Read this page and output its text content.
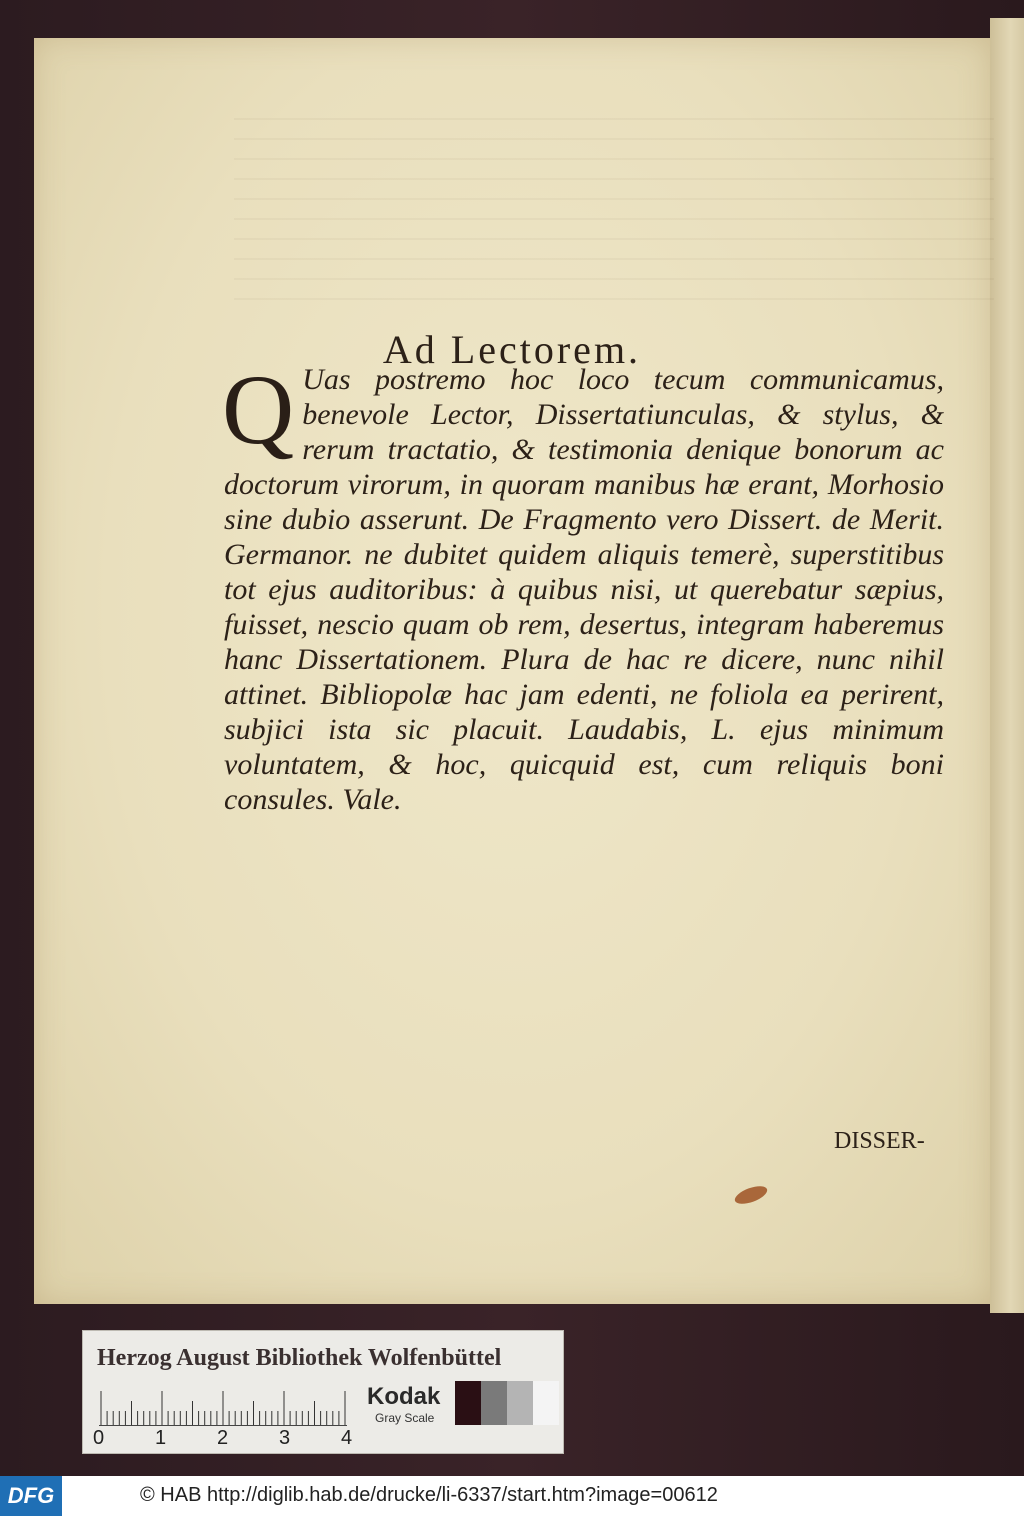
Ad Lectorem.

Q Uas postremo hoc loco tecum communicamus, benevole Lector, Dissertatiunculas, & stylus, & rerum tractatio, & testimonia denique bonorum ac doctorum virorum, in quoram manibus hæ erant, Morhosio sine dubio asserunt. De Fragmento vero Dissert. de Merit. Germanor. ne dubitet quidem aliquis temerè, superstitibus tot ejus auditoribus: à quibus nisi, ut querebatur sæpius, fuisset, nescio quam ob rem, desertus, integram haberemus hanc Dissertationem. Plura de hac re dicere, nunc nihil attinet. Bibliopolæ hac jam edenti, ne foliola ea perirent, subjici ista sic placuit. Laudabis, L. ejus minimum voluntatem, & hoc, quicquid est, cum reliquis boni consules. Vale.

DISSER-

Herzog August Bibliothek Wolfenbüttel

0	1	2	3	4
Kodak
Gray Scale
DFG	© HAB http://diglib.hab.de/drucke/li-6337/start.htm?image=00612
